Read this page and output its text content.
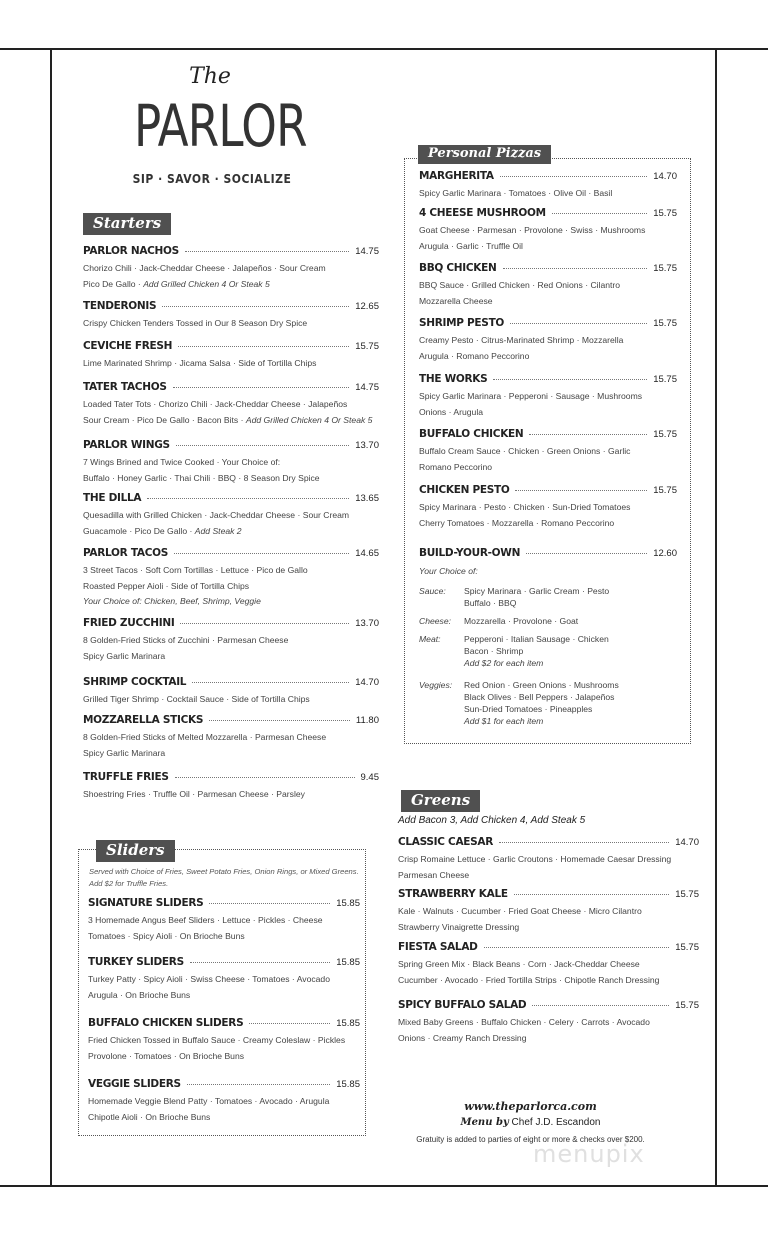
The
PARLOR
SIP · SAVOR · SOCIALIZE
Starters
PARLOR NACHOS	14.75
Chorizo Chili · Jack-Cheddar Cheese · Jalapeños · Sour Cream
Pico De Gallo · Add Grilled Chicken 4 Or Steak 5
TENDERONIS	12.65
Crispy Chicken Tenders Tossed in Our 8 Season Dry Spice
CEVICHE FRESH	15.75
Lime Marinated Shrimp · Jicama Salsa · Side of Tortilla Chips
TATER TACHOS	14.75
Loaded Tater Tots · Chorizo Chili · Jack-Cheddar Cheese · Jalapeños
Sour Cream · Pico De Gallo · Bacon Bits · Add Grilled Chicken 4 Or Steak 5
PARLOR WINGS	13.70
7 Wings Brined and Twice Cooked · Your Choice of:
Buffalo · Honey Garlic · Thai Chili · BBQ · 8 Season Dry Spice
THE DILLA	13.65
Quesadilla with Grilled Chicken · Jack-Cheddar Cheese · Sour Cream
Guacamole · Pico De Gallo · Add Steak 2
PARLOR TACOS	14.65
3 Street Tacos · Soft Corn Tortillas · Lettuce · Pico de Gallo
Roasted Pepper Aioli · Side of Tortilla Chips
Your Choice of: Chicken, Beef, Shrimp, Veggie
FRIED ZUCCHINI	13.70
8 Golden-Fried Sticks of Zucchini · Parmesan Cheese
Spicy Garlic Marinara
SHRIMP COCKTAIL	14.70
Grilled Tiger Shrimp · Cocktail Sauce · Side of Tortilla Chips
MOZZARELLA STICKS	11.80
8 Golden-Fried Sticks of Melted Mozzarella · Parmesan Cheese
Spicy Garlic Marinara
TRUFFLE FRIES	9.45
Shoestring Fries · Truffle Oil · Parmesan Cheese · Parsley
Sliders
Served with Choice of Fries, Sweet Potato Fries, Onion Rings, or Mixed Greens.
Add $2 for Truffle Fries.
SIGNATURE SLIDERS	15.85
3 Homemade Angus Beef Sliders · Lettuce · Pickles · Cheese
Tomatoes · Spicy Aioli · On Brioche Buns
TURKEY SLIDERS	15.85
Turkey Patty · Spicy Aioli · Swiss Cheese · Tomatoes · Avocado
Arugula · On Brioche Buns
BUFFALO CHICKEN SLIDERS	15.85
Fried Chicken Tossed in Buffalo Sauce · Creamy Coleslaw · Pickles
Provolone · Tomatoes · On Brioche Buns
VEGGIE SLIDERS	15.85
Homemade Veggie Blend Patty · Tomatoes · Avocado · Arugula
Chipotle Aioli · On Brioche Buns
Personal Pizzas
MARGHERITA	14.70
Spicy Garlic Marinara · Tomatoes · Olive Oil · Basil
4 CHEESE MUSHROOM	15.75
Goat Cheese · Parmesan · Provolone · Swiss · Mushrooms
Arugula · Garlic · Truffle Oil
BBQ CHICKEN	15.75
BBQ Sauce · Grilled Chicken · Red Onions · Cilantro
Mozzarella Cheese
SHRIMP PESTO	15.75
Creamy Pesto · Citrus-Marinated Shrimp · Mozzarella
Arugula · Romano Peccorino
THE WORKS	15.75
Spicy Garlic Marinara · Pepperoni · Sausage · Mushrooms
Onions · Arugula
BUFFALO CHICKEN	15.75
Buffalo Cream Sauce · Chicken · Green Onions · Garlic
Romano Peccorino
CHICKEN PESTO	15.75
Spicy Marinara · Pesto · Chicken · Sun-Dried Tomatoes
Cherry Tomatoes · Mozzarella · Romano Peccorino
BUILD-YOUR-OWN	12.60
Your Choice of:
Sauce: Spicy Marinara · Garlic Cream · Pesto
Buffalo · BBQ
Cheese: Mozzarella · Provolone · Goat
Meat:	Pepperoni · Italian Sausage · Chicken
Bacon · Shrimp
Add $2 for each item
Veggies: Red Onion · Green Onions · Mushrooms
Black Olives · Bell Peppers · Jalapeños
Sun-Dried Tomatoes · Pineapples
Add $1 for each item
Greens
Add Bacon 3, Add Chicken 4, Add Steak 5
CLASSIC CAESAR	14.70
Crisp Romaine Lettuce · Garlic Croutons · Homemade Caesar Dressing
Parmesan Cheese
STRAWBERRY KALE	15.75
Kale · Walnuts · Cucumber · Fried Goat Cheese · Micro Cilantro
Strawberry Vinaigrette Dressing
FIESTA SALAD	15.75
Spring Green Mix · Black Beans · Corn · Jack-Cheddar Cheese
Cucumber · Avocado · Fried Tortilla Strips · Chipotle Ranch Dressing
SPICY BUFFALO SALAD	15.75
Mixed Baby Greens · Buffalo Chicken · Celery · Carrots · Avocado
Onions · Creamy Ranch Dressing
www.theparlorca.com
Menu by Chef J.D. Escandon
Gratuity is added to parties of eight or more & checks over $200.
menupix
